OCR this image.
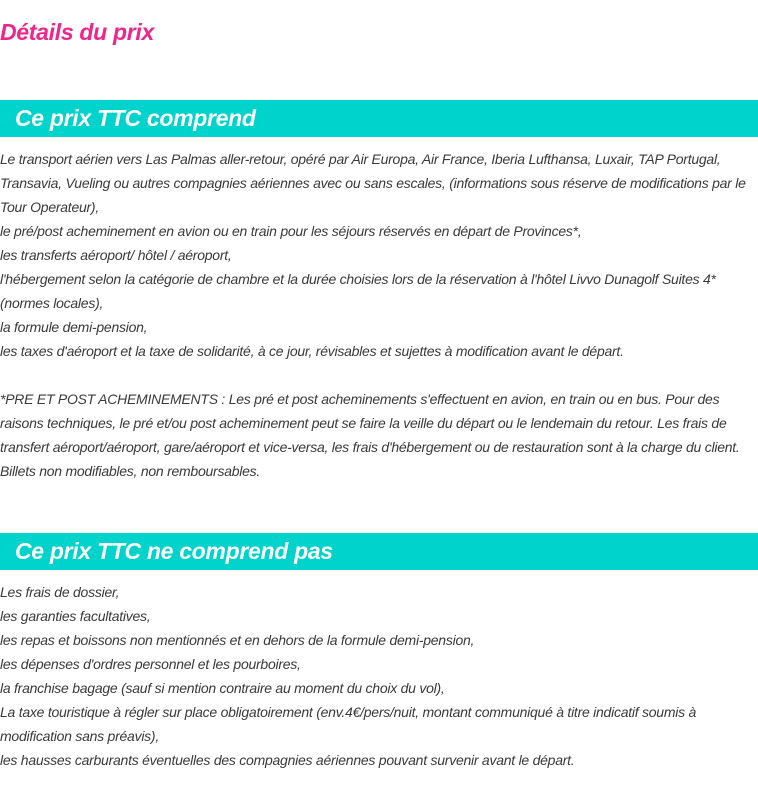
Détails du prix
Ce prix TTC comprend

Le transport aérien vers Las Palmas aller-retour, opéré par Air Europa, Air France, Iberia Lufthansa, Luxair, TAP Portugal, Transavia, Vueling ou autres compagnies aériennes avec ou sans escales, (informations sous réserve de modifications par le Tour Operateur),

le pré/post acheminement en avion ou en train pour les séjours réservés en départ de Provinces*,

les transferts aéroport/ hôtel / aéroport,

l'hébergement selon la catégorie de chambre et la durée choisies lors de la réservation à l'hôtel Livvo Dunagolf Suites 4* (normes locales),

la formule demi-pension,

les taxes d'aéroport et la taxe de solidarité, à ce jour, révisables et sujettes à modification avant le départ.

*PRE ET POST ACHEMINEMENTS : Les pré et post acheminements s'effectuent en avion, en train ou en bus. Pour des raisons techniques, le pré et/ou post acheminement peut se faire la veille du départ ou le lendemain du retour. Les frais de transfert aéroport/aéroport, gare/aéroport et vice-versa, les frais d'hébergement ou de restauration sont à la charge du client. Billets non modifiables, non remboursables.

Ce prix TTC ne comprend pas

Les frais de dossier,

les garanties facultatives,

les repas et boissons non mentionnés et en dehors de la formule demi-pension,

les dépenses d'ordres personnel et les pourboires,

la franchise bagage (sauf si mention contraire au moment du choix du vol),

La taxe touristique à régler sur place obligatoirement (env.4€/pers/nuit, montant communiqué à titre indicatif soumis à modification sans préavis),

les hausses carburants éventuelles des compagnies aériennes pouvant survenir avant le départ.
